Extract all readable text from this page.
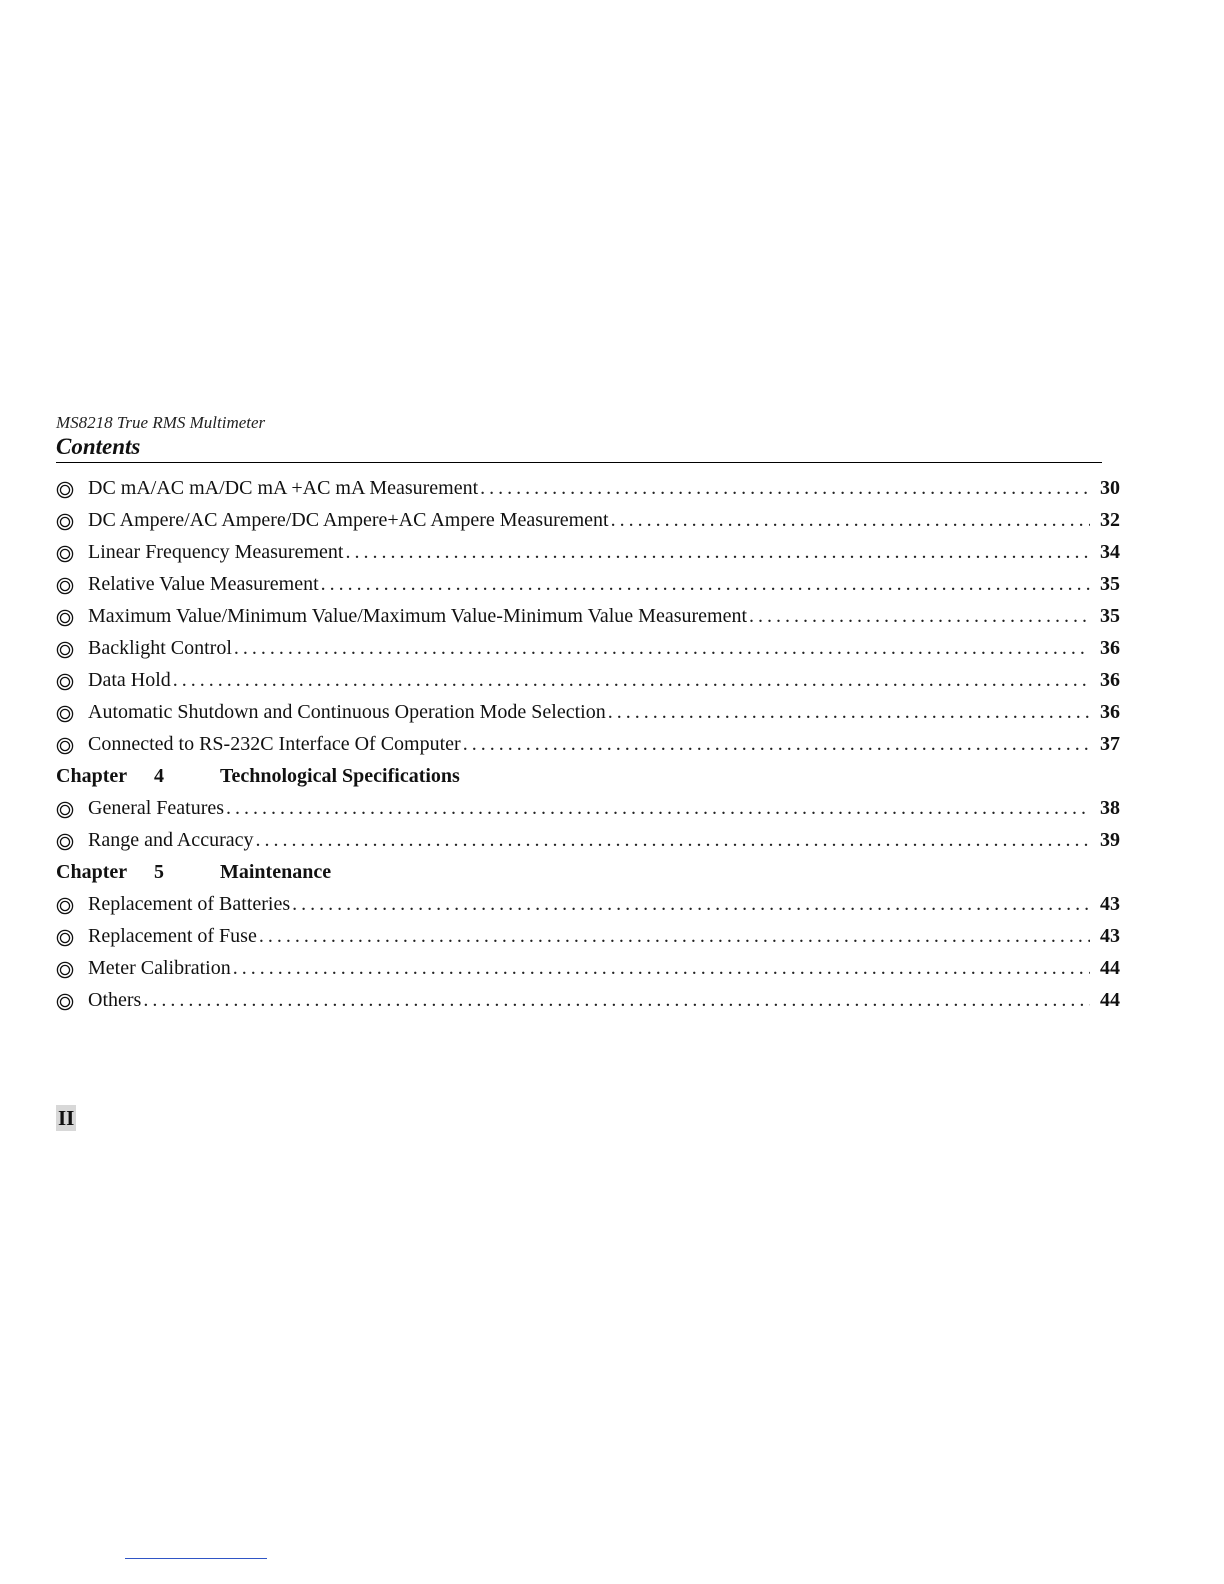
MS8218 True RMS Multimeter
Contents
DC mA/AC mA/DC mA +AC mA Measurement . . .	30
DC Ampere/AC Ampere/DC Ampere+AC Ampere Measurement . . .	32
Linear Frequency Measurement . . .	34
Relative Value Measurement . . .	35
Maximum Value/Minimum Value/Maximum Value-Minimum Value Measurement . . .	35
Backlight Control . . .	36
Data Hold . . .	36
Automatic Shutdown and Continuous Operation Mode Selection . . .	36
Connected to RS-232C Interface Of Computer . . .	37
Chapter	4	Technological Specifications
General Features . . .	38
Range and Accuracy . . .	39
Chapter	5	Maintenance
Replacement of Batteries . . .	43
Replacement of Fuse . . .	43
Meter Calibration . . .	44
Others . . .	44
II
